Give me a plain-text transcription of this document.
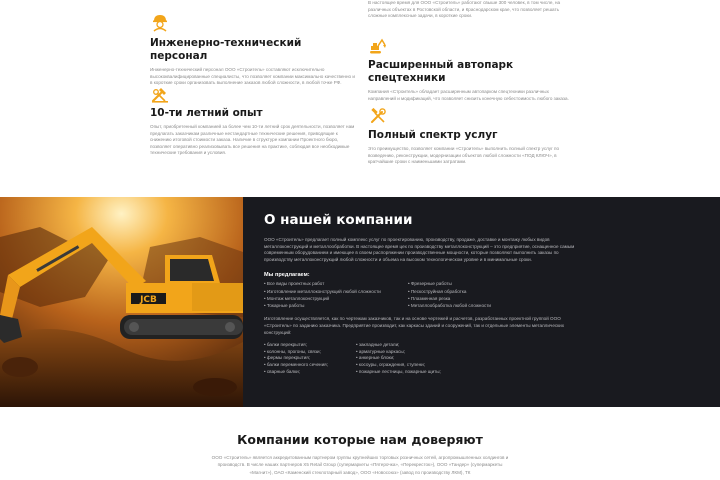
Инженерно-технический персонал

Инженерно-технический персонал ООО «Строитель» составляют исключительно высококвалифицированные специалисты, что позволяет компании максимально качественно и в короткие сроки организовать выполнение заказов любой сложности, в любой точке РФ.

10-ти летний опыт

Опыт, приобретенный компанией за более чем 10-ти летний срок деятельности, позволяет нам предлагать заказчикам различные нестандартные технические решения, приводящие к снижению итоговой стоимости заказа. Наличие в структуре компании Проектного бюро, позволяет оперативно реализовывать все решения на практике, соблюдая все необходимые технические требования и условия.

В настоящее время для ООО «Строитель» работают свыше 300 человек, в том числе, на различных объектах в Ростовской области, и Краснодарском крае, что позволяет решать сложные комплексные задачи, в короткие сроки.

Расширенный автопарк спецтехники

Компания «Строитель» обладает расширенным автопарком спецтехники различных направлений и модификаций, что позволяет снизить конечную себестоимость любого заказа.

Полный спектр услуг

Это преимущество, позволяет компании «Строитель» выполнить полный спектр услуг по возведению, реконструкции, модернизации объектов любой сложности «ПОД КЛЮЧ», в кратчайшие сроки с наименьшими затратами.

JCB
О нашей компании

ООО «Строитель» предлагает полный комплекс услуг по проектированию, производству, продаже, доставке и монтажу любых видов металлоконструкций и металлообработки. В настоящее время цех по производству металлоконструкций – это предприятие, оснащенное самым современным оборудованием и имеющее в своем распоряжении производственные мощности, которые позволяют выполнить заказы по производству металлоконструкций любой сложности и объема на высоком технологическом уровне и в минимальные сроки.

Мы предлагаем:
• Все виды проектных работ
• Изготовление металлоконструкций любой сложности
• Монтаж металлоконструкций
• Токарные работы
• Фрезерные работы
• Пескоструйная обработка
• Плазменная резка
• Металлообработка любой сложности

Изготовление осуществляется, как по чертежам заказчиков, так и на основе чертежей и расчетов, разработанных проектной группой ООО «Строитель» по заданию заказчика. Предприятие производит, как каркасы зданий и сооружений, так и отдельные элементы металлических конструкций:

• балки перекрытия;
• колонны, прогоны, связи;
• фермы перекрытия;
• балки переменного сечения;
• сварные балки;
• закладные детали;
• арматурные каркасы;
• анкерные блоки;
• косоуры, ограждения, ступени;
• пожарные лестницы, пожарные щиты;
Компании которые нам доверяют

ООО «Строитель» является аккредитованным партнером группы крупнейших торговых розничных сетей, агропромышленных холдингов и производств. В числе наших партнеров X5 Retail Group (супермаркеты «Пятерочка», «Перекресток»), ООО «Тандер» (супермаркеты «Магнит»), ОАО «Каменский стеклотарный завод», ООО «Новосоюз» (завод по производству ЛКМ), ТК
